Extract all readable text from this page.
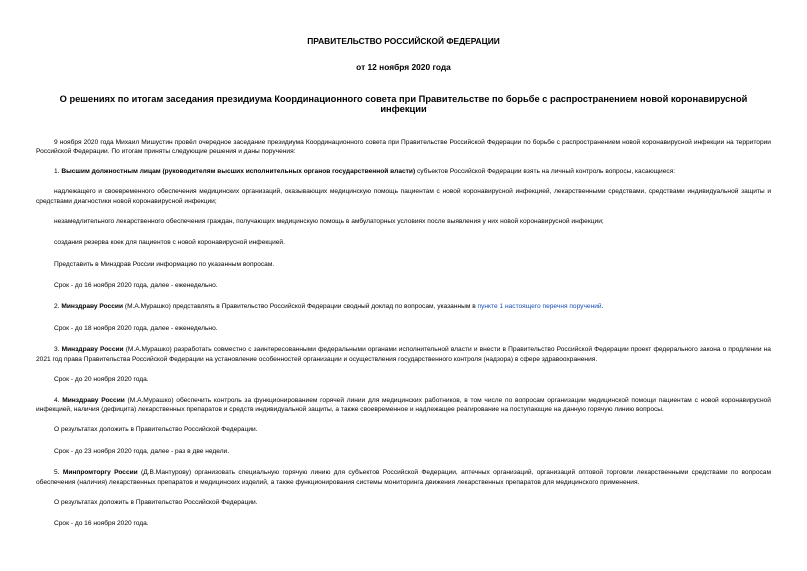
ПРАВИТЕЛЬСТВО РОССИЙСКОЙ ФЕДЕРАЦИИ
от 12 ноября 2020 года
О решениях по итогам заседания президиума Координационного совета при Правительстве по борьбе с распространением новой коронавирусной инфекции

9 ноября 2020 года Михаил Мишустин провёл очередное заседание президиума Координационного совета при Правительстве Российской Федерации по борьбе с распространением новой коронавирусной инфекции на территории Российской Федерации. По итогам приняты следующие решения и даны поручения:

1. Высшим должностным лицам (руководителям высших исполнительных органов государственной власти) субъектов Российской Федерации взять на личный контроль вопросы, касающиеся:

надлежащего и своевременного обеспечения медицинских организаций, оказывающих медицинскую помощь пациентам с новой коронавирусной инфекцией, лекарственными средствами, средствами индивидуальной защиты и средствами диагностики новой коронавирусной инфекции;

незамедлительного лекарственного обеспечения граждан, получающих медицинскую помощь в амбулаторных условиях после выявления у них новой коронавирусной инфекции;

создания резерва коек для пациентов с новой коронавирусной инфекцией.

Представить в Минздрав России информацию по указанным вопросам.

Срок - до 16 ноября 2020 года, далее - еженедельно.

2. Минздраву России (М.А.Мурашко) представлять в Правительство Российской Федерации сводный доклад по вопросам, указанным в пункте 1 настоящего перечня поручений.

Срок - до 18 ноября 2020 года, далее - еженедельно.

3. Минздраву России (М.А.Мурашко) разработать совместно с заинтересованными федеральными органами исполнительной власти и внести в Правительство Российской Федерации проект федерального закона о продлении на 2021 год права Правительства Российской Федерации на установление особенностей организации и осуществления государственного контроля (надзора) в сфере здравоохранения.

Срок - до 20 ноября 2020 года.

4. Минздраву России (М.А.Мурашко) обеспечить контроль за функционированием горячей линии для медицинских работников, в том числе по вопросам организации медицинской помощи пациентам с новой коронавирусной инфекцией, наличия (дефицита) лекарственных препаратов и средств индивидуальной защиты, а также своевременное и надлежащее реагирование на поступающие на данную горячую линию вопросы.

О результатах доложить в Правительство Российской Федерации.

Срок - до 23 ноября 2020 года, далее - раз в две недели.

5. Минпромторгу России (Д.В.Мантурову) организовать специальную горячую линию для субъектов Российской Федерации, аптечных организаций, организаций оптовой торговли лекарственными средствами по вопросам обеспечения (наличия) лекарственных препаратов и медицинских изделий, а также функционирования системы мониторинга движения лекарственных препаратов для медицинского применения.

О результатах доложить в Правительство Российской Федерации.

Срок - до 16 ноября 2020 года.
